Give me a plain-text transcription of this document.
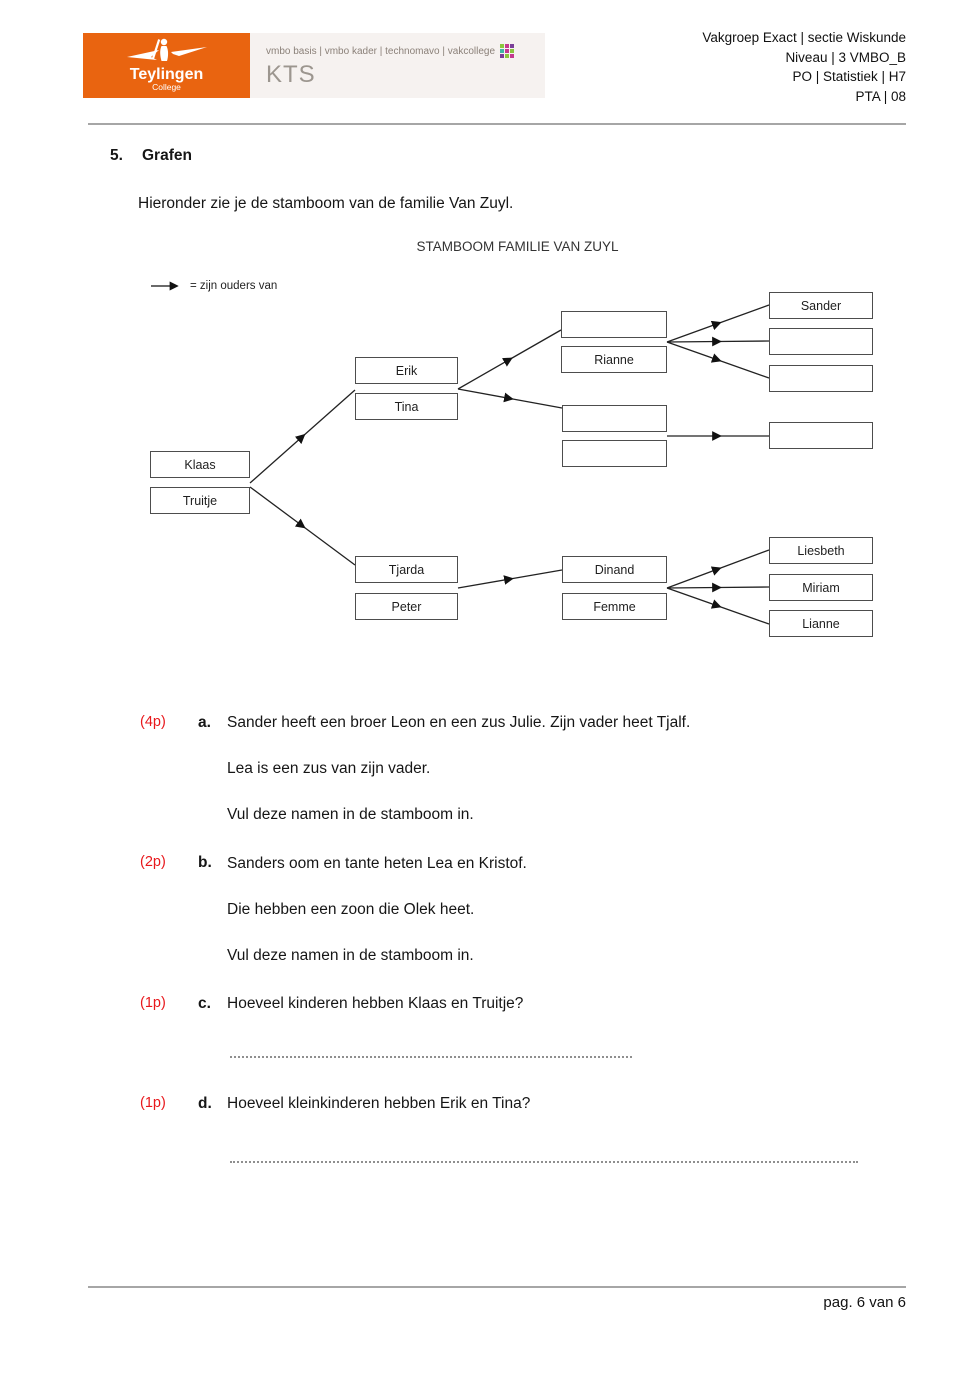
Teylingen
College
vmbo basis | vmbo kader | technomavo | vakcollege
KTS
Vakgroep Exact | sectie Wiskunde
Niveau | 3 VMBO_B
PO | Statistiek | H7
PTA | 08
5. Grafen
Hieronder zie je de stamboom van de familie Van Zuyl.
STAMBOOM FAMILIE VAN ZUYL
= zijn ouders van
Klaas
Truitje
Erik
Tina
Tjarda
Peter
Rianne
Dinand
Femme
Sander
Liesbeth
Miriam
Lianne
(4p) a. Sander heeft een broer Leon en een zus Julie. Zijn vader heet Tjalf.
Lea is een zus van zijn vader.
Vul deze namen in de stamboom in.
(2p) b. Sanders oom en tante heten Lea en Kristof.
Die hebben een zoon die Olek heet.
Vul deze namen in de stamboom in.
(1p) c. Hoeveel kinderen hebben Klaas en Truitje?
(1p) d. Hoeveel kleinkinderen hebben Erik en Tina?
pag. 6 van 6
